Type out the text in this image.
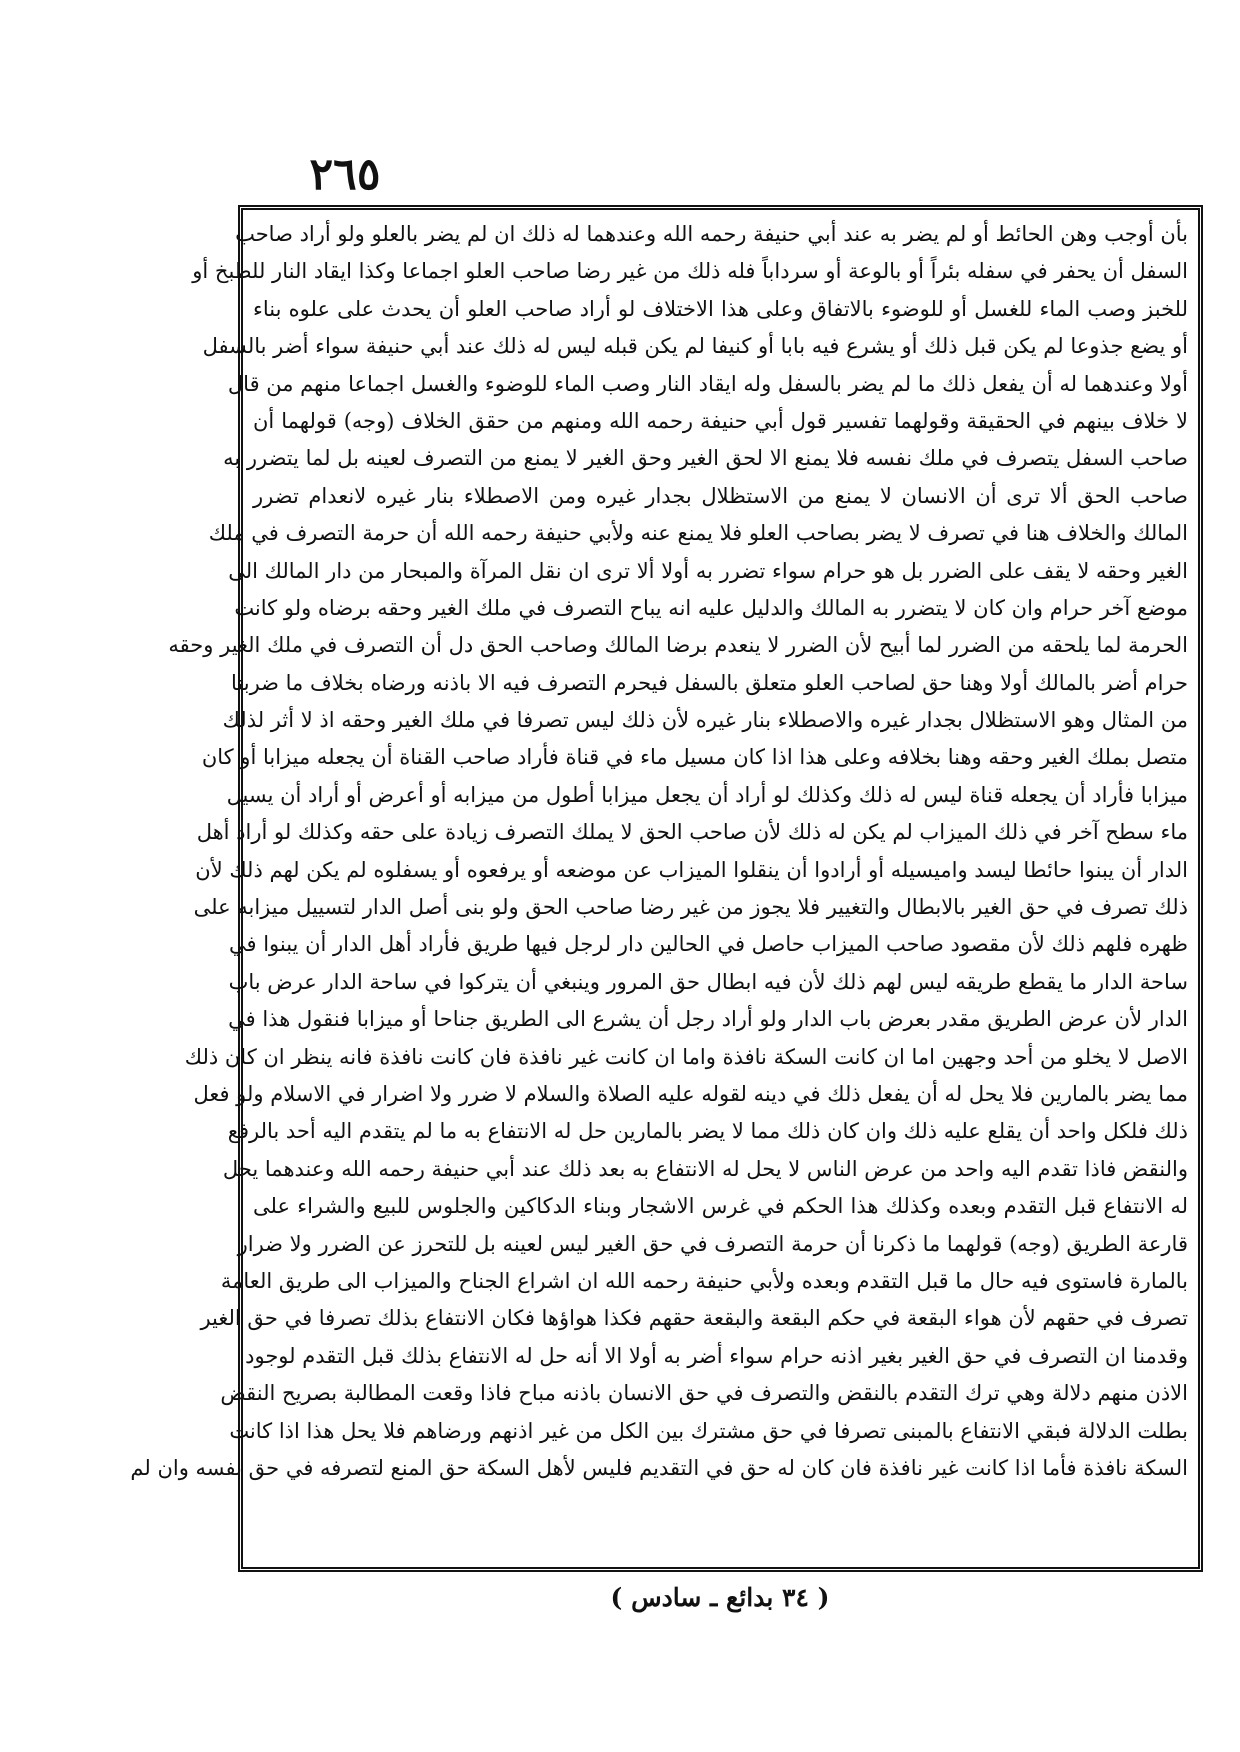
٢٦٥
بأن أوجب وهن الحائط أو لم يضر به عند أبي حنيفة رحمه الله وعندهما له ذلك ان لم يضر بالعلو ولو أراد صاحب
السفل أن يحفر في سفله بئراً أو بالوعة أو سرداباً فله ذلك من غير رضا صاحب العلو اجماعا وكذا ايقاد النار للطبخ أو
للخبز وصب الماء للغسل أو للوضوء بالاتفاق وعلى هذا الاختلاف لو أراد صاحب العلو أن يحدث على علوه بناء
أو يضع جذوعا لم يكن قبل ذلك أو يشرع فيه بابا أو كنيفا لم يكن قبله ليس له ذلك عند أبي حنيفة سواء أضر بالسفل
أولا وعندهما له أن يفعل ذلك ما لم يضر بالسفل وله ايقاد النار وصب الماء للوضوء والغسل اجماعا منهم من قال
لا خلاف بينهم في الحقيقة وقولهما تفسير قول أبي حنيفة رحمه الله ومنهم من حقق الخلاف (وجه) قولهما أن
صاحب السفل يتصرف في ملك نفسه فلا يمنع الا لحق الغير وحق الغير لا يمنع من التصرف لعينه بل لما يتضرر به
صاحب الحق ألا ترى أن الانسان لا يمنع من الاستظلال بجدار غيره ومن الاصطلاء بنار غيره لانعدام تضرر
المالك والخلاف هنا في تصرف لا يضر بصاحب العلو فلا يمنع عنه ولأبي حنيفة رحمه الله أن حرمة التصرف في ملك
الغير وحقه لا يقف على الضرر بل هو حرام سواء تضرر به أولا ألا ترى ان نقل المرآة والمبحار من دار المالك الى
موضع آخر حرام وان كان لا يتضرر به المالك والدليل عليه انه يباح التصرف في ملك الغير وحقه برضاه ولو كانت
الحرمة لما يلحقه من الضرر لما أبيح لأن الضرر لا ينعدم برضا المالك وصاحب الحق دل أن التصرف في ملك الغير وحقه
حرام أضر بالمالك أولا وهنا حق لصاحب العلو متعلق بالسفل فيحرم التصرف فيه الا باذنه ورضاه بخلاف ما ضربنا
من المثال وهو الاستظلال بجدار غيره والاصطلاء بنار غيره لأن ذلك ليس تصرفا في ملك الغير وحقه اذ لا أثر لذلك
متصل بملك الغير وحقه وهنا بخلافه وعلى هذا اذا كان مسيل ماء في قناة فأراد صاحب القناة أن يجعله ميزابا أو كان
ميزابا فأراد أن يجعله قناة ليس له ذلك وكذلك لو أراد أن يجعل ميزابا أطول من ميزابه أو أعرض أو أراد أن يسيل
ماء سطح آخر في ذلك الميزاب لم يكن له ذلك لأن صاحب الحق لا يملك التصرف زيادة على حقه وكذلك لو أراد أهل
الدار أن يبنوا حائطا ليسد واميسيله أو أرادوا أن ينقلوا الميزاب عن موضعه أو يرفعوه أو يسفلوه لم يكن لهم ذلك لأن
ذلك تصرف في حق الغير بالابطال والتغيير فلا يجوز من غير رضا صاحب الحق ولو بنى أصل الدار لتسييل ميزابه على
ظهره فلهم ذلك لأن مقصود صاحب الميزاب حاصل في الحالين دار لرجل فيها طريق فأراد أهل الدار أن يبنوا في
ساحة الدار ما يقطع طريقه ليس لهم ذلك لأن فيه ابطال حق المرور وينبغي أن يتركوا في ساحة الدار عرض باب
الدار لأن عرض الطريق مقدر بعرض باب الدار ولو أراد رجل أن يشرع الى الطريق جناحا أو ميزابا فنقول هذا في
الاصل لا يخلو من أحد وجهين اما ان كانت السكة نافذة واما ان كانت غير نافذة فان كانت نافذة فانه ينظر ان كان ذلك
مما يضر بالمارين فلا يحل له أن يفعل ذلك في دينه لقوله عليه الصلاة والسلام لا ضرر ولا اضرار في الاسلام ولو فعل
ذلك فلكل واحد أن يقلع عليه ذلك وان كان ذلك مما لا يضر بالمارين حل له الانتفاع به ما لم يتقدم اليه أحد بالرفع
والنقض فاذا تقدم اليه واحد من عرض الناس لا يحل له الانتفاع به بعد ذلك عند أبي حنيفة رحمه الله وعندهما يحل
له الانتفاع قبل التقدم وبعده وكذلك هذا الحكم في غرس الاشجار وبناء الدكاكين والجلوس للبيع والشراء على
قارعة الطريق (وجه) قولهما ما ذكرنا أن حرمة التصرف في حق الغير ليس لعينه بل للتحرز عن الضرر ولا ضرار
بالمارة فاستوى فيه حال ما قبل التقدم وبعده ولأبي حنيفة رحمه الله ان اشراع الجناح والميزاب الى طريق العامة
تصرف في حقهم لأن هواء البقعة في حكم البقعة والبقعة حقهم فكذا هواؤها فكان الانتفاع بذلك تصرفا في حق الغير
وقدمنا ان التصرف في حق الغير بغير اذنه حرام سواء أضر به أولا الا أنه حل له الانتفاع بذلك قبل التقدم لوجود
الاذن منهم دلالة وهي ترك التقدم بالنقض والتصرف في حق الانسان باذنه مباح فاذا وقعت المطالبة بصريح النقض
بطلت الدلالة فبقي الانتفاع بالمبنى تصرفا في حق مشترك بين الكل من غير اذنهم ورضاهم فلا يحل هذا اذا كانت
السكة نافذة فأما اذا كانت غير نافذة فان كان له حق في التقديم فليس لأهل السكة حق المنع لتصرفه في حق نفسه وان لم
( ٣٤ بدائع ـ سادس )
